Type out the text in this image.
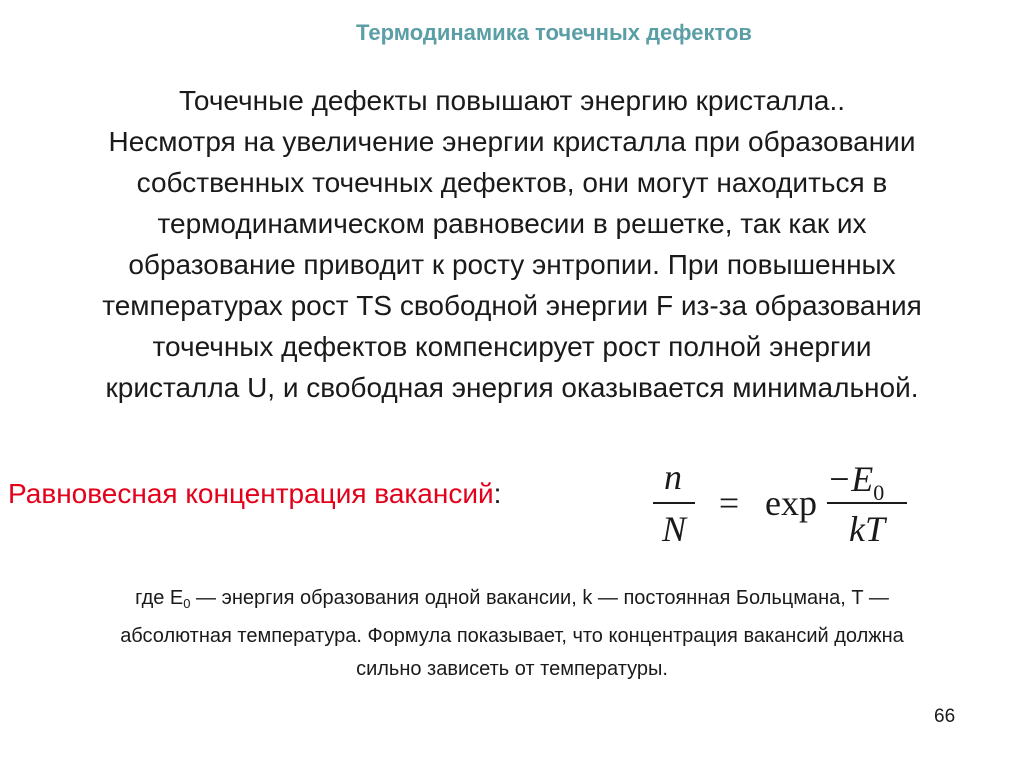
Термодинамика точечных дефектов

Точечные дефекты повышают энергию кристалла..
Несмотря на увеличение энергии кристалла при образовании
собственных точечных дефектов, они могут находиться в
термодинамическом равновесии в решетке, так как их
образование приводит к росту энтропии. При повышенных
температурах рост TS свободной энергии F из-за образования
точечных дефектов компенсирует рост полной энергии
кристалла U, и свободная энергия оказывается минимальной.

Равновесная концентрация вакансий:	n
N
= exp
$-E_0$
kT
где $E_0$ — энергия образования одной вакансии, k — постоянная Больцмана, T —
абсолютная температура. Формула показывает, что концентрация вакансий должна
сильно зависеть от температуры.
66
